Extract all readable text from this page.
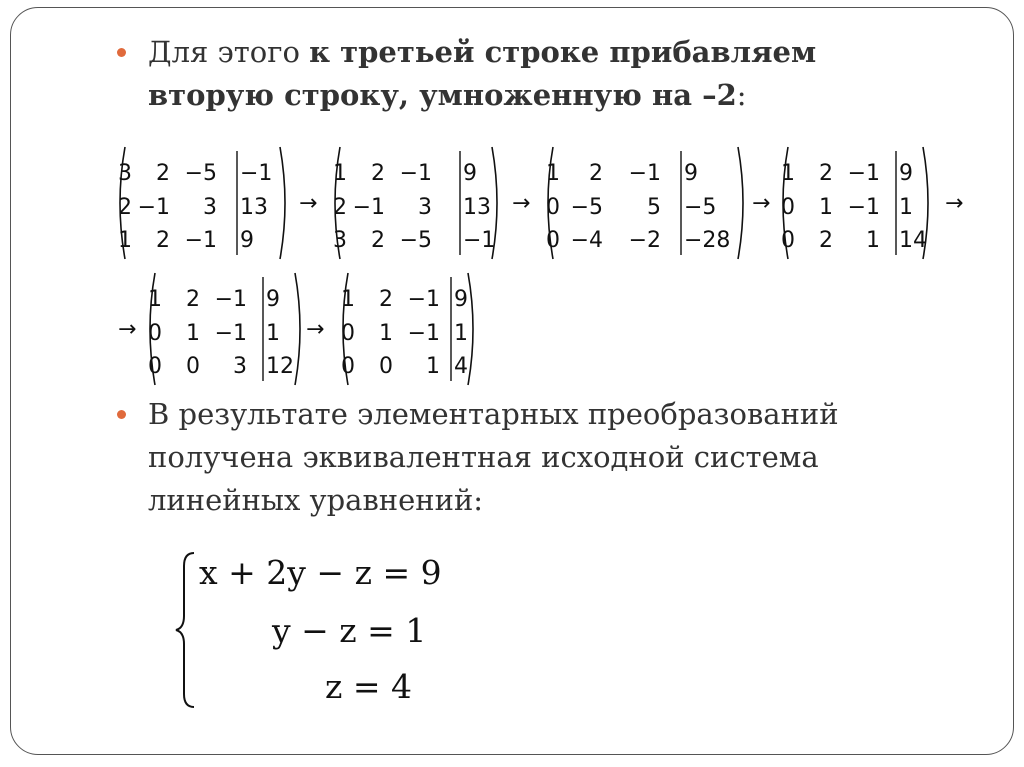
Для этого к третьей строке прибавляем вторую строку, умноженную на –2:
3 2 −5 −1
2 −1 3 13
1 2 −1 9
1 2 −1 9
2 −1 3 13
3 2 −5 −1
1 2 −1 9
0 −5 5 −5
0 −4 −2 −28
1 2 −1 9
0 1 −1 1
0 2 1 14
1 2 −1 9
0 1 −1 1
0 0 3 12
1 2 −1 9
0 1 −1 1
0 0 1 4
→	→	→	→
→	→
В результате элементарных преобразований получена эквивалентная исходной система линейных уравнений:
x + 2y − z = 9
y − z = 1
z = 4
